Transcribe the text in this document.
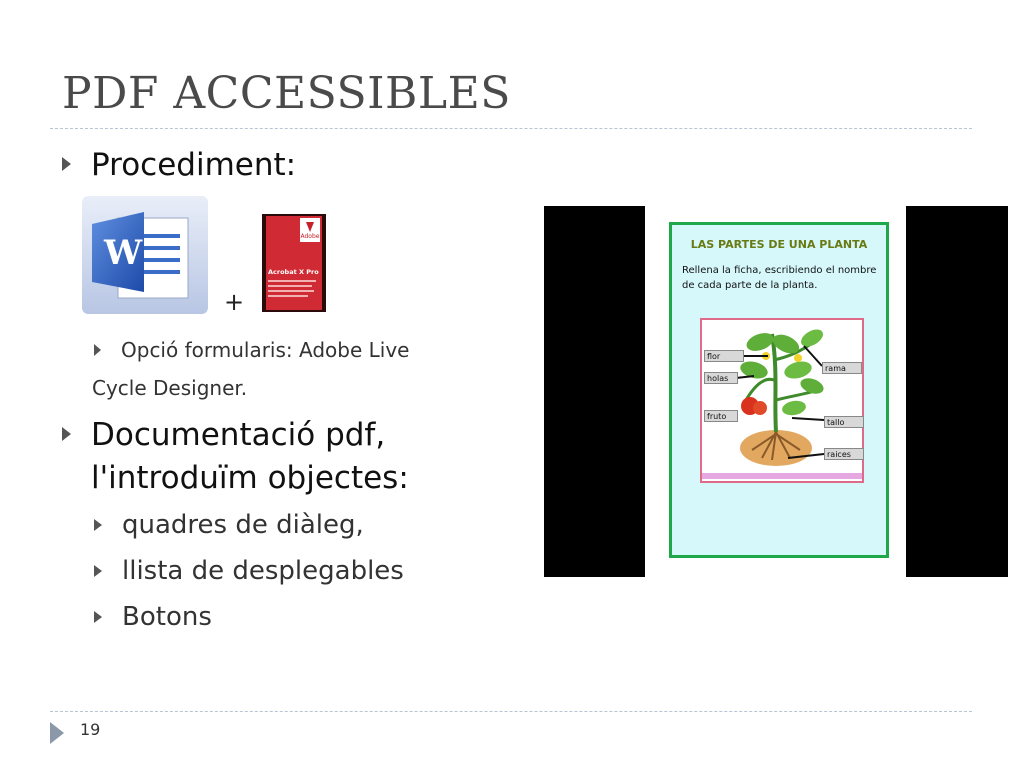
PDF ACCESSIBLES
Procediment:
W
+
Adobe
Acrobat X Pro
Opció formularis: Adobe Live
Cycle Designer.
Documentació pdf,
l'introduïm objectes:
quadres de diàleg,
llista de desplegables
Botons
LAS PARTES DE UNA PLANTA
Rellena la ficha, escribiendo el nombre de cada parte de la planta.
flor
holas
fruto
rama
tallo
raices
19
